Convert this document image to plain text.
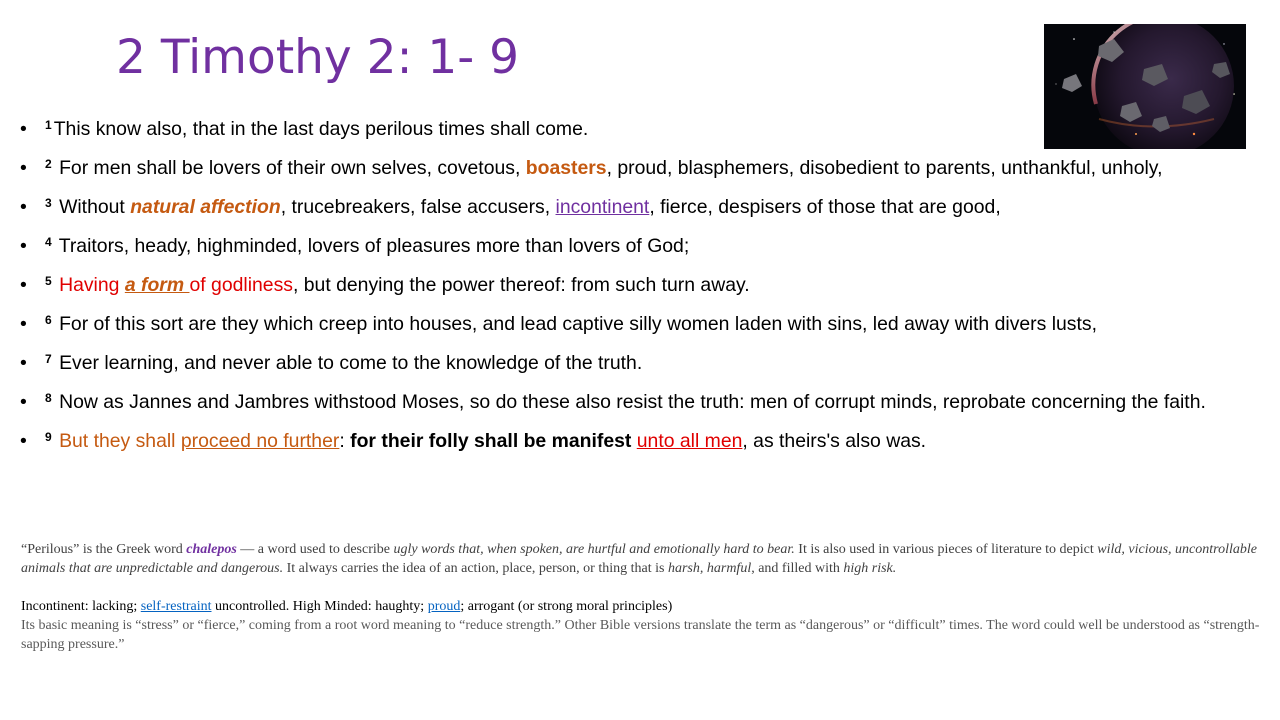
2 Timothy 2: 1- 9
• $^1$ This know also, that in the last days perilous times shall come.
• $^2$ For men shall be lovers of their own selves, covetous, boasters, proud, blasphemers, disobedient to parents, unthankful, unholy,
• $^3$ Without natural affection, trucebreakers, false accusers, incontinent, fierce, despisers of those that are good,
• $^4$ Traitors, heady, highminded, lovers of pleasures more than lovers of God;
• $^5$ Having a form of godliness, but denying the power thereof: from such turn away.
• $^6$ For of this sort are they which creep into houses, and lead captive silly women laden with sins, led away with divers lusts,
• $^7$ Ever learning, and never able to come to the knowledge of the truth.
• $^8$ Now as Jannes and Jambres withstood Moses, so do these also resist the truth: men of corrupt minds, reprobate concerning the faith.
• $^9$ But they shall proceed no further: for their folly shall be manifest unto all men, as theirs's also was.

“Perilous” is the Greek word chalepos — a word used to describe ugly words that, when spoken, are hurtful and emotionally hard to bear. It is also used in various pieces of literature to depict wild, vicious, uncontrollable animals that are unpredictable and dangerous. It always carries the idea of an action, place, person, or thing that is harsh, harmful, and filled with high risk.

Incontinent: lacking; self-restraint uncontrolled. High Minded: haughty; proud; arrogant (or strong moral principles)

Its basic meaning is “stress” or “fierce,” coming from a root word meaning to “reduce strength.” Other Bible versions translate the term as “dangerous” or “difficult” times. The word could well be understood as “strength-sapping pressure.”
